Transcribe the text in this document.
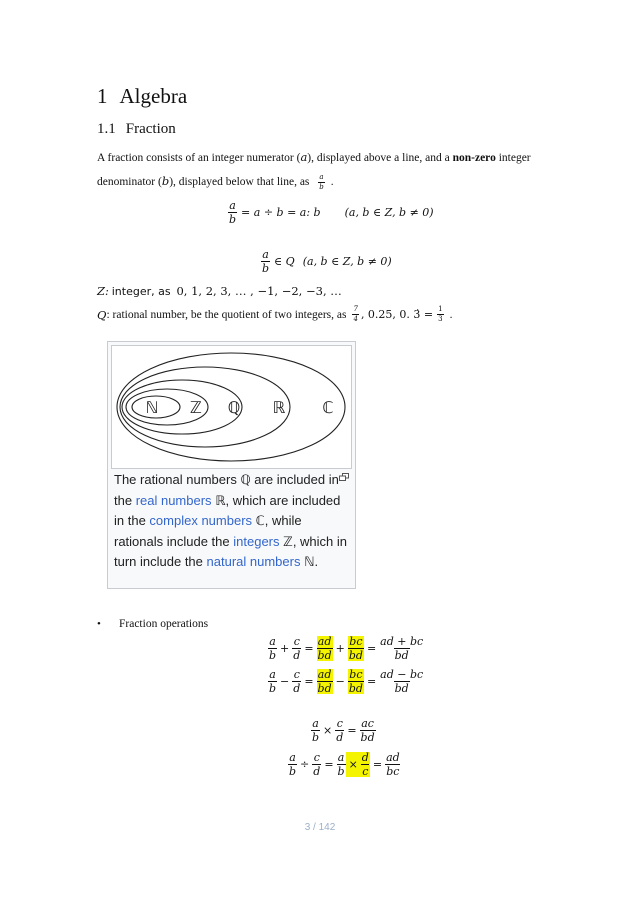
1 Algebra
1.1 Fraction
A fraction consists of an integer numerator (a), displayed above a line, and a non-zero integer
denominator (b), displayed below that line, as $\frac{a}{b}$ .
$\frac{a}{b} = a \div b = a$: b (a, b ∈ Z, b ≠ 0)
$\frac{a}{b}$ ∈ Q (a, b ∈ Z, b ≠ 0)
Z: integer, as 0, 1, 2, 3, … , −1, −2, −3, …
Q : rational number, be the quotient of two integers, as $\frac{7}{4}$ , 0.25, 0. 3̇ = $\frac{1}{3}$ .
ℕ ℤ ℚ ℝ ℂ
The rational numbers ℚ are included in the real numbers ℝ, which are included in the complex numbers ℂ, while rationals include the integers ℤ, which in turn include the natural numbers ℕ.
• Fraction operations
$\frac{a}{b} + \frac{c}{d} = \frac{ad}{bd} + \frac{bc}{bd} = \frac{ad + bc}{bd}$
$\frac{a}{b} - \frac{c}{d} = \frac{ad}{bd} - \frac{bc}{bd} = \frac{ad - bc}{bd}$
$\frac{a}{b} \times \frac{c}{d} = \frac{ac}{bd}$
$\frac{a}{b} \div \frac{c}{d} = \frac{a}{b} \times \frac{d}{c} = \frac{ad}{bc}$
3 / 142
